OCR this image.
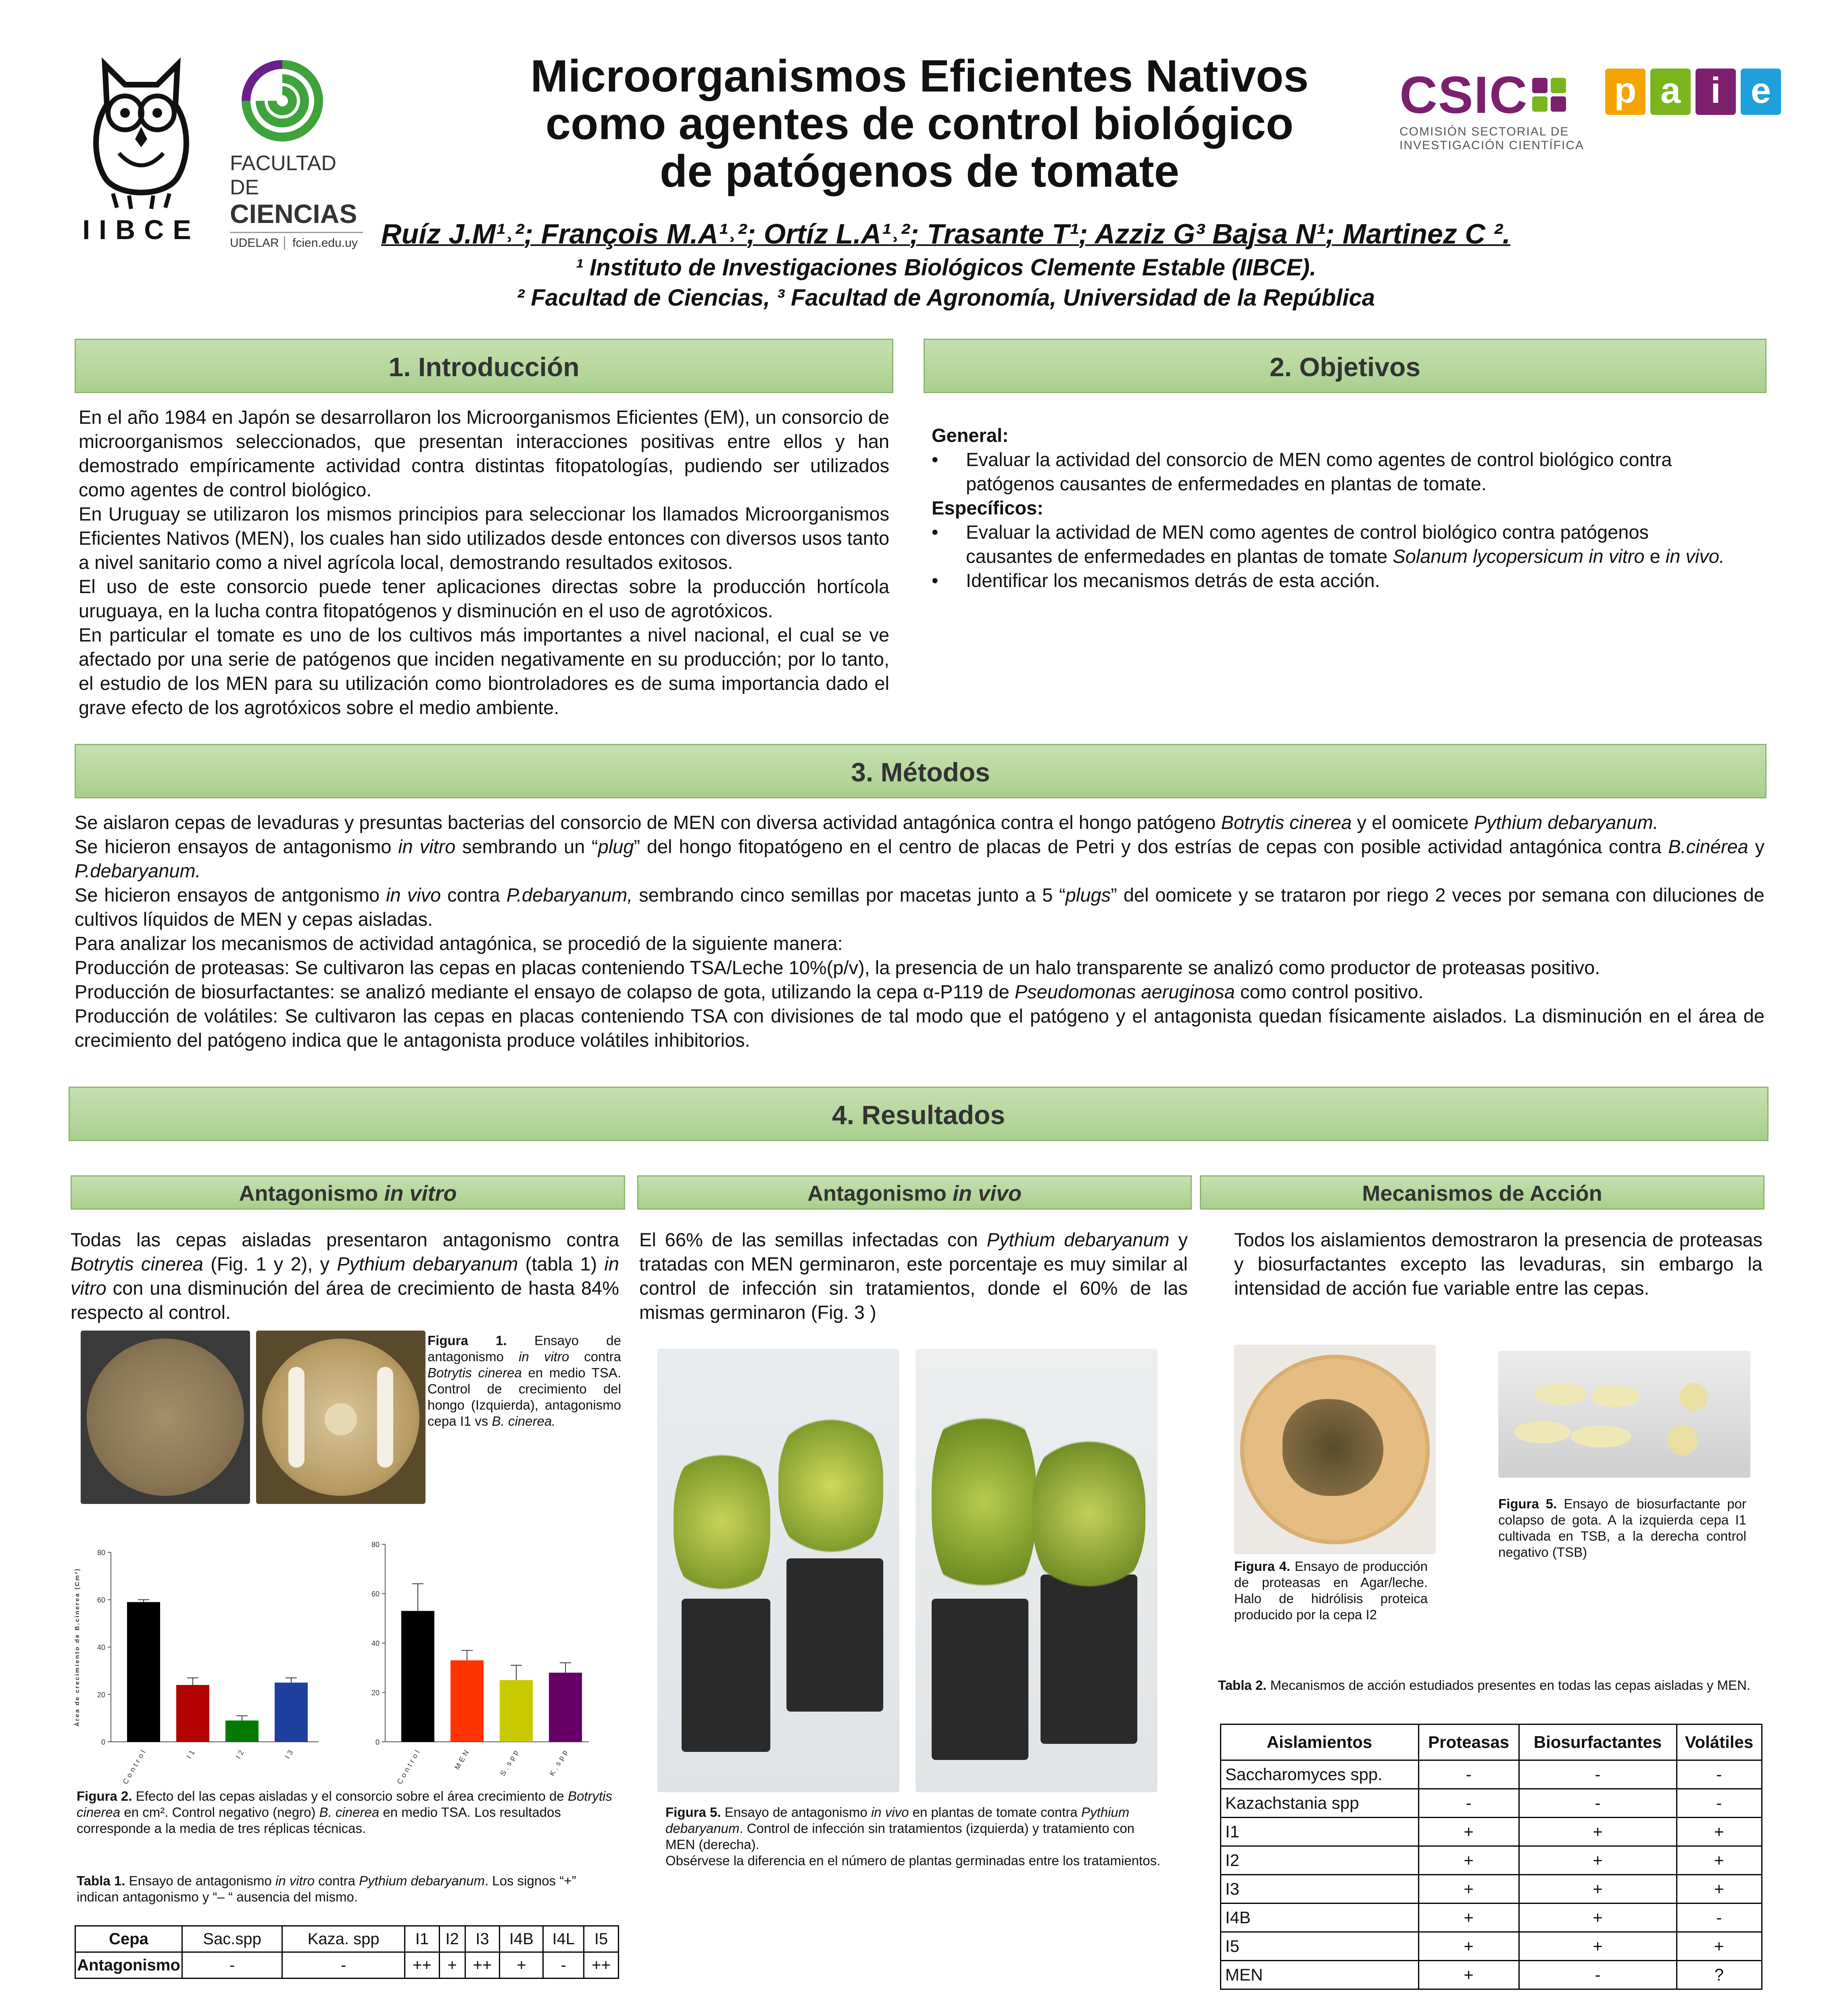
IIBCE
FACULTAD DE
CIENCIAS
UDELAR fcien.edu.uy
Microorganismos Eficientes Nativos
como agentes de control biológico
de patógenos de tomate
Ruíz J.M¹˒²; François M.A¹˒²; Ortíz L.A¹˒²; Trasante T¹; Azziz G³ Bajsa N¹; Martinez C ².
¹ Instituto de Investigaciones Biológicos Clemente Estable (IIBCE).
² Facultad de Ciencias, ³ Facultad de Agronomía, Universidad de la República
CSIC
COMISIÓN SECTORIAL DE
INVESTIGACIÓN CIENTÍFICA
p a i e
1. Introducción	2. Objetivos

En el año 1984 en Japón se desarrollaron los Microorganismos Eficientes (EM), un consorcio de microorganismos seleccionados, que presentan interacciones positivas entre ellos y han demostrado empíricamente actividad contra distintas fitopatologías, pudiendo ser utilizados como agentes de control biológico.

En Uruguay se utilizaron los mismos principios para seleccionar los llamados Microorganismos Eficientes Nativos (MEN), los cuales han sido utilizados desde entonces con diversos usos tanto a nivel sanitario como a nivel agrícola local, demostrando resultados exitosos.

El uso de este consorcio puede tener aplicaciones directas sobre la producción hortícola uruguaya, en la lucha contra fitopatógenos y disminución en el uso de agrotóxicos.

En particular el tomate es uno de los cultivos más importantes a nivel nacional, el cual se ve afectado por una serie de patógenos que inciden negativamente en su producción; por lo tanto, el estudio de los MEN para su utilización como biontroladores es de suma importancia dado el grave efecto de los agrotóxicos sobre el medio ambiente.

General:
•	Evaluar la actividad del consorcio de MEN como agentes de control biológico contra patógenos causantes de enfermedades en plantas de tomate.
Específicos:
•	Evaluar la actividad de MEN como agentes de control biológico contra patógenos causantes de enfermedades en plantas de tomate Solanum lycopersicum in vitro e in vivo.
•	Identificar los mecanismos detrás de esta acción.
3. Métodos

Se aislaron cepas de levaduras y presuntas bacterias del consorcio de MEN con diversa actividad antagónica contra el hongo patógeno Botrytis cinerea y el oomicete Pythium debaryanum.

Se hicieron ensayos de antagonismo in vitro sembrando un “plug” del hongo fitopatógeno en el centro de placas de Petri y dos estrías de cepas con posible actividad antagónica contra B.cinérea y P.debaryanum.

Se hicieron ensayos de antgonismo in vivo contra P.debaryanum, sembrando cinco semillas por macetas junto a 5 “plugs” del oomicete y se trataron por riego 2 veces por semana con diluciones de cultivos líquidos de MEN y cepas aisladas.

Para analizar los mecanismos de actividad antagónica, se procedió de la siguiente manera:

Producción de proteasas: Se cultivaron las cepas en placas conteniendo TSA/Leche 10%(p/v), la presencia de un halo transparente se analizó como productor de proteasas positivo.

Producción de biosurfactantes: se analizó mediante el ensayo de colapso de gota, utilizando la cepa α-P119 de Pseudomonas aeruginosa como control positivo.

Producción de volátiles: Se cultivaron las cepas en placas conteniendo TSA con divisiones de tal modo que el patógeno y el antagonista quedan físicamente aislados. La disminución en el área de crecimiento del patógeno indica que le antagonista produce volátiles inhibitorios.

4. Resultados
Antagonismo in vitro	Antagonismo in vivo	Mecanismos de Acción
Todas las cepas aisladas presentaron antagonismo contra Botrytis cinerea (Fig. 1 y 2), y Pythium debaryanum (tabla 1) in vitro con una disminución del área de crecimiento de hasta 84% respecto al control.
Figura 1. Ensayo de antagonismo in vitro contra Botrytis cinerea en medio TSA. Control de crecimiento del hongo (Izquierda), antagonismo cepa I1 vs B. cinerea.
0
20
40
60
80
Control	I1	I2	I3
Área de crecimiento de B.cinerea (Cm²)
0
20
40
60
80
Control	MEN	S.spp	K.spp
Figura 2. Efecto del las cepas aisladas y el consorcio sobre el área crecimiento de Botrytis cinerea en cm². Control negativo (negro) B. cinerea en medio TSA. Los resultados corresponde a la media de tres réplicas técnicas.
Tabla 1. Ensayo de antagonismo in vitro contra Pythium debaryanum. Los signos “+” indican antagonismo y “– “ ausencia del mismo.
Cepa	Sac.spp	Kaza. spp	I1	I2	I3	I4B	I4L	I5
Antagonismo	-	-	++	+	++	+	-	++
El 66% de las semillas infectadas con Pythium debaryanum y tratadas con MEN germinaron, este porcentaje es muy similar al control de infección sin tratamientos, donde el 60% de las mismas germinaron (Fig. 3 )
Figura 5. Ensayo de antagonismo in vivo en plantas de tomate contra Pythium debaryanum. Control de infección sin tratamientos (izquierda) y tratamiento con MEN (derecha).
Obsérvese la diferencia en el número de plantas germinadas entre los tratamientos.
Todos los aislamientos demostraron la presencia de proteasas y biosurfactantes excepto las levaduras, sin embargo la intensidad de acción fue variable entre las cepas.
Figura 5. Ensayo de biosurfactante por colapso de gota. A la izquierda cepa I1 cultivada en TSB, a la derecha control negativo (TSB)
Figura 4. Ensayo de producción de proteasas en Agar/leche. Halo de hidrólisis proteica producido por la cepa I2
Tabla 2. Mecanismos de acción estudiados presentes en todas las cepas aisladas y MEN.
Aislamientos	Proteasas	Biosurfactantes	Volátiles
Saccharomyces spp.	-	-	-
Kazachstania spp	-	-	-
I1	+	+	+
I2	+	+	+
I3	+	+	+
I4B	+	+	-
I5	+	+	+
MEN	+	-	?
